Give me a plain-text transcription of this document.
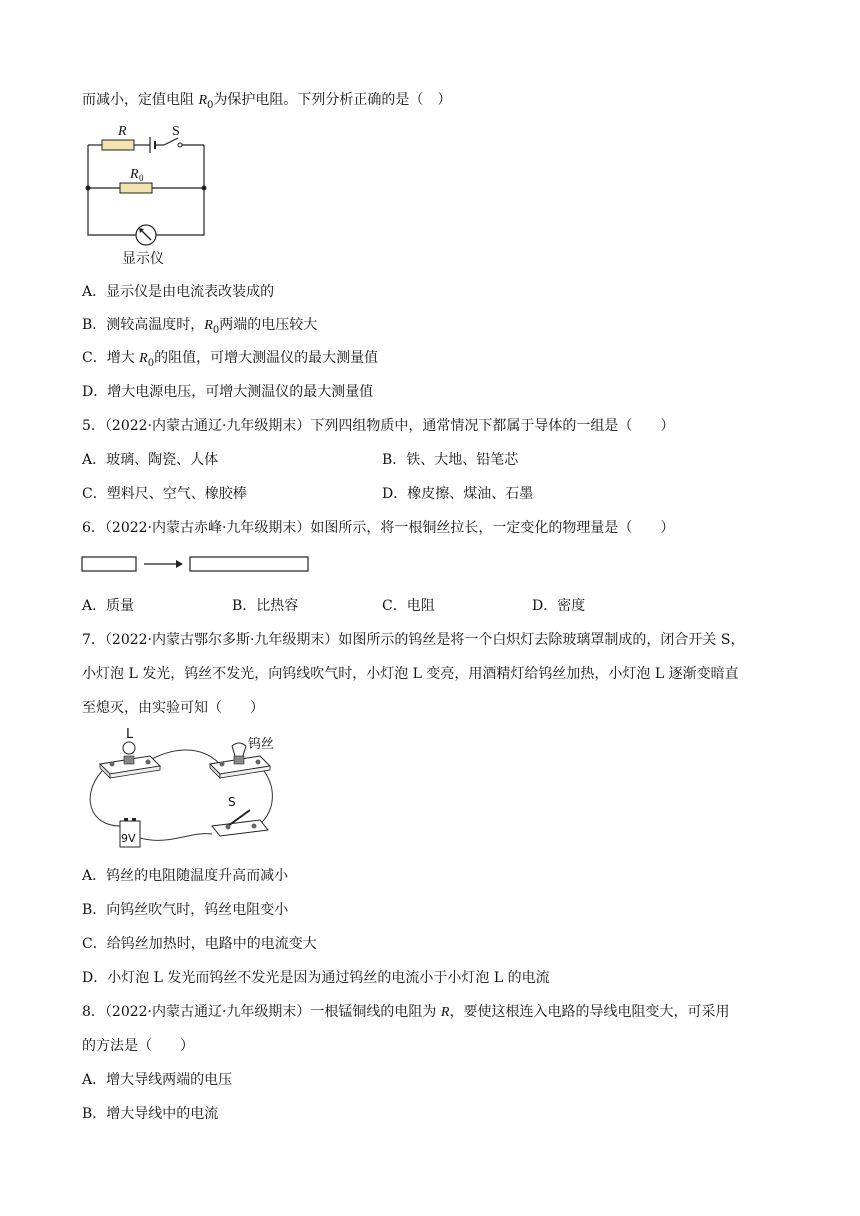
而减小，定值电阻 $R_0$为保护电阻。下列分析正确的是（　）
R	S
R 0
显示仪
A．显示仪是由电流表改装成的
B．测较高温度时，$R_0$两端的电压较大
C．增大 $R_0$的阻值，可增大测温仪的最大测量值
D．增大电源电压，可增大测温仪的最大测量值
5．（2022·内蒙古通辽·九年级期末）下列四组物质中，通常情况下都属于导体的一组是（　　）
A．玻璃、陶瓷、人体	B．铁、大地、铅笔芯
C．塑料尺、空气、橡胶棒	D．橡皮擦、煤油、石墨
6．（2022·内蒙古赤峰·九年级期末）如图所示，将一根铜丝拉长，一定变化的物理量是（　　）
A．质量	B．比热容	C．电阻	D．密度
7．（2022·内蒙古鄂尔多斯·九年级期末）如图所示的钨丝是将一个白炽灯去除玻璃罩制成的，闭合开关 S，
小灯泡 L 发光，钨丝不发光，向钨线吹气时，小灯泡 L 变亮，用酒精灯给钨丝加热，小灯泡 L 逐渐变暗直
至熄灭，由实验可知（　　）
L
钨丝
S
9V
A．钨丝的电阻随温度升高而减小
B．向钨丝吹气时，钨丝电阻变小
C．给钨丝加热时，电路中的电流变大
D．小灯泡 L 发光而钨丝不发光是因为通过钨丝的电流小于小灯泡 L 的电流
8．（2022·内蒙古通辽·九年级期末）一根锰铜线的电阻为 R，要使这根连入电路的导线电阻变大，可采用
的方法是（　　）
A．增大导线两端的电压
B．增大导线中的电流
